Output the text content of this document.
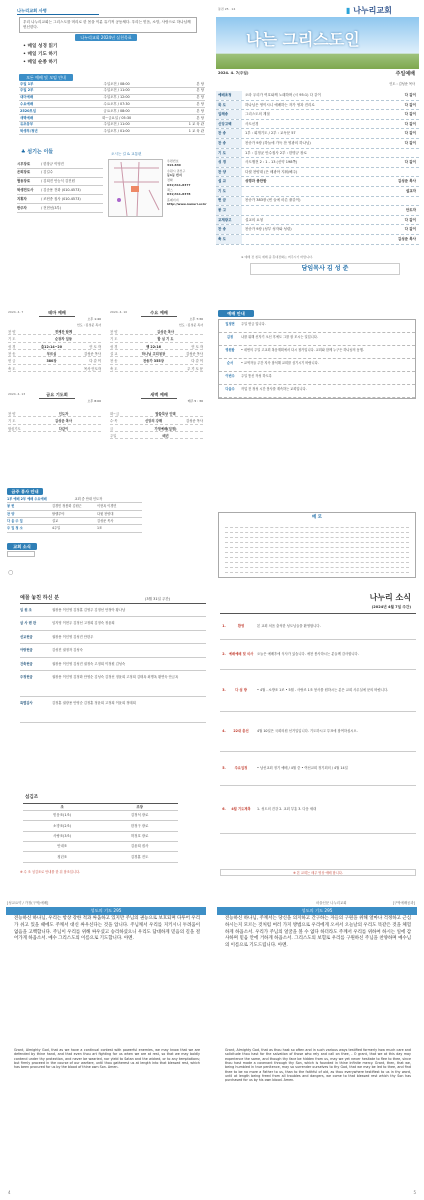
나누리교회 사명
우리 나누리교회는 그리스도를 머리로 한 몸을 이룬 유기적 공동체다. 우리는 믿음, 소망, 사랑으로 하나님께 헌신한다.
나누리교회 2024년 실천목표
• 매일 성경 읽기
• 매일 기도 하기
• 매일 순종 하기
모든 예배 및 모임 안내
주일 1부	주일오전 / 08:00	본 당
주일 2부	주일오전 / 11:00	본 당
대더예배	주일오후 / 12:00	본 당
수요예배	수요오후 / 07:30	본 당
2520모임	금요오후 / 08:00	본 당
새벽예배	화~금요일 / 05:30	본 당
유초등부	주일오전 / 11:00	1 교 육 관
학생부/청년	주일오후 / 01:00	1 교 육 관
♣ 섬기는 이들	오시는 길 & 교통편
시무장로	/ 한창규 이영진
은퇴장로	/ 김길수
협동장로	/ 김희진 안능식 김진원
학생전도사	/ 김준용 전화 (010-4573)
지휘자	/ 조헌종 집사 (010-4573)
반주자	/ 전현선(3부)
우편번호
314-830
수원시 권선구
동1동 번지
전화
031)311-8377
팩스
031)311-8378
홈페이지
http://www.nanuri.or.kr
통권 25 · 14	▮ 나누리교회
나는 그리스도인
2024. 4. 7(주일)	주일예배
인도 : 김성준 목사
예배초청	오라 우리가 여호와께 노래하며 (시 95:1) 다 같이	다 같이
묵 도	하나님은 영이시니 예배하는 자가 영과 진리로	다 같이
입례송	그리스도의 계절	다 같이
신앙고백	사도신경	다 같이
찬 송	1부 : 회개기도 / 2부 : 교독문 57	다 같이
찬 송	찬송가 9장 (하늘에 가득 찬 영광의 하나님)	다 같이
기 도	1부 : 김정균 안수집사 2부 : 한명규 장로
성 경	사도행전 2 : 1 - 13 (신약 198쪽)	다 같이
찬 양	다윗 찬양대 (은 배광아 지휘/해주)
설 교	성령과 충만함	김성준 목사
기 도	설교자
헌 금	찬송가 383장 (빈 들에 마른 풀같이)
봉 고	안도자
교제광고	설교의 요청	다 같이
찬 송	찬송가 9장 (성부 성자와 성령)	다 같이
축 도	김성준 목사
※ 예배 전 침묵 예배 중 휴대전화는 꺼주시기 바랍니다.
담임목사 김 성 준
2024. 4. 7	테마 예배
오후 1:40
인도 : 김성준 목사
찬 양	전체찬 함께
기 도	순장자 일동
성 경	출12:14~20	인 도 자
찬 송	부르심	김성준 목사
헌 금	380장	다 같 이
축 도	목사 인도자
2024. 4. 10	수요 예배
오후 7:30
인도 : 김성준 목사
찬 양	김성준 목사
기 도	합 심 기 도
성 경	행 22:16	인 도 자
설 교	하나님 고리칭장	김성준 목사
찬 송	찬송가 355장	다 같 이
축 도	주 기 도 문
2024. 4. 13	금요 기도회
오후 8:00
찬 양	인도자
기 도	김성준 목사
합심기도	다같이
새벽 예배
매주 5 : 30
화~금	말씀묵상 인택
수·목	신앙의 강해	김성준 목사
금	가정예배(일정)
주일	매년
금주 봉사 안내
1부 예배 2부 예배 수요예배	교회 중 안내 인도자
봉 헌	김경민 정봉화 김원근	이현옥 이경민
찬 양	할렐루야	다윗 찬양대
다 음 주 일	설교	김성준 목사
주 일 청 소	4주일	1조
교회 소식
○
예배 안내
일정면	주일 헌금 입니다.
김정	나를 위해 신자기 오신 후에도 그를 잘 모시는 일입니다.
영원함	• 네번의 주일 고교회 복음계획에서 다시 참가입니다. 교회와 함께 누구든 하나님의 동행.
순서	• 교역자들 주간 지속 참석해 교회를 섬기시기 바랍니다.
이번주	주일 통신 작성 하도록
다음주	작업 전 정성 시간 봉사를 계속하는 교회입니다.
메 모
예꼴 놓친 하신 분	(3월 31일 주간)
임 원 조	권장용 이인영 김정훈 김영주 김정선 안정아 황나남
삼 사 랜 판	임지영 이현우 김정선 고정희 김정숙 정윤희
선교헌금	권장용 이인영 김성진 안한우
아랑헌금	김성진 권정자 김성숙
건축헌금	권장용 이인영 김성진 권정숙 고정희 이정원 김성숙
주정헌금	권장용 이인영 김정화 안영순 김성숙 김정선 정윤희 고정희 김태옥 최병옥 황연숙 안금옥
특별감사	김정훈 권장용 안영순 김정훈 정윤희 고정희 이윤희 정태희
섬김조
조	조장
믿음조(1조)	김정석 장로
소망조(2조)	한정구 장로
사랑조(3조)	허정호 장로
안내조	김윤희 집사
청년조	김경훈 전도
※ 수 조 섬김조로 안내를 한 뒤 참조입니다.
나누리 소식
(2024년 4월 7일 주간)
1.	환영	본 교회 처음 출석한 성도님들을 환영합니다.
2. 예배예배 및 식사	오늘은 예배후에 식사가 있습니다. 애찬 봉사하시는 분들께 감사합니다.
3.	다 섬 방	• 4월 - 소방조 1조 • 5월 - 사랑조 1조 봉사를 원하시는 분은 교회 사무실에 문의 바랍니다.
4.	22대 총선	4월 10일은 국회의원 선거일입니다. 기도하시고 투표에 참여하십시오.
5.	주요일정	• 남선교회 정기 예배 / 4월 중 • 여선교회 정기회의 / 4월 14일
6.	4월 기도제목	1. 성도의 건강 2. 교회 부흥 3. 다음 세대
※ 본 교회는 매주 영상 예배 합니다.
[성교요약 / 가정(구역)예배]
성도의 기도 295
전능하신 하나님, 우리는 항상 강한 적과 싸움하고 있지만 주님의 권능으로 보호되며 다투어 우리가 쉬고 있을 때에도 주께서 대신 싸우신다는 것을 압니다. 주님께서 우리를 지키시니 두려움이 없음을 고백합니다. 주님이 우리를 위해 싸우셨고 승리하셨으니 우리도 담대하게 믿음의 길을 걸어가게 하옵소서. 예수 그리스도의 이름으로 기도합니다. 아멘.
Grant, Almighty God, that as we have a continual contest with powerful enemies, we may know that we are defended by thine hand, and that even thou art fighting for us when we are at rest, so that we may boldly contend under thy protection, and never be wearied, nor yield to Satan and the wicked, or to any temptations; but firmly proceed in the course of our warfare, until thou gatherest us at length into that blessed rest, which has been procured for us by the blood of thine own Son. Amen.
4
마을신문 나누리교회	[구역예배공과]
성도의 기도 295
전능하신 하나님, 주께서는 당신을 의지하고 간구하는 자들의 구원을 위해 얼마나 걱정하고 근심하시는지 모르는 것처럼 여러 가지 방법으로 우리에게 오셔서 오늘날의 우리도 똑같은 것을 체험하게 하옵소서. 우리가 주님의 얼굴을 볼 수 없다 하더라도 주께서 우리를 위하여 하시는 일에 감사하며 믿음 안에 거하게 하옵소서. 그리스도의 보혈로 우리를 구원하신 주님을 찬양하며 예수님의 이름으로 기도드립니다. 아멘.
Grant, Almighty God, that as thou hast so often and in such various ways testified formerly how much care and solicitude thou hast for the salvation of those who rely and call on thee, - O grant, that we at this day may experience the same, and though thy face be hidden from us, may we yet never hesitate to flee to thee, since thou hast made a covenant through thy Son, which is founded in thine infinite mercy. Grant, then, that we, being humbled in true penitence, may so surrender ourselves to thy God, that we may be led to thee, and find thee to be no more a Father to us, than to the faithful of old, as thou everywhere testifiest to us in thy word, until at length being freed from all troubles and dangers, we come to that blessed rest which thy Son has purchased for us by his own blood. Amen.
5
